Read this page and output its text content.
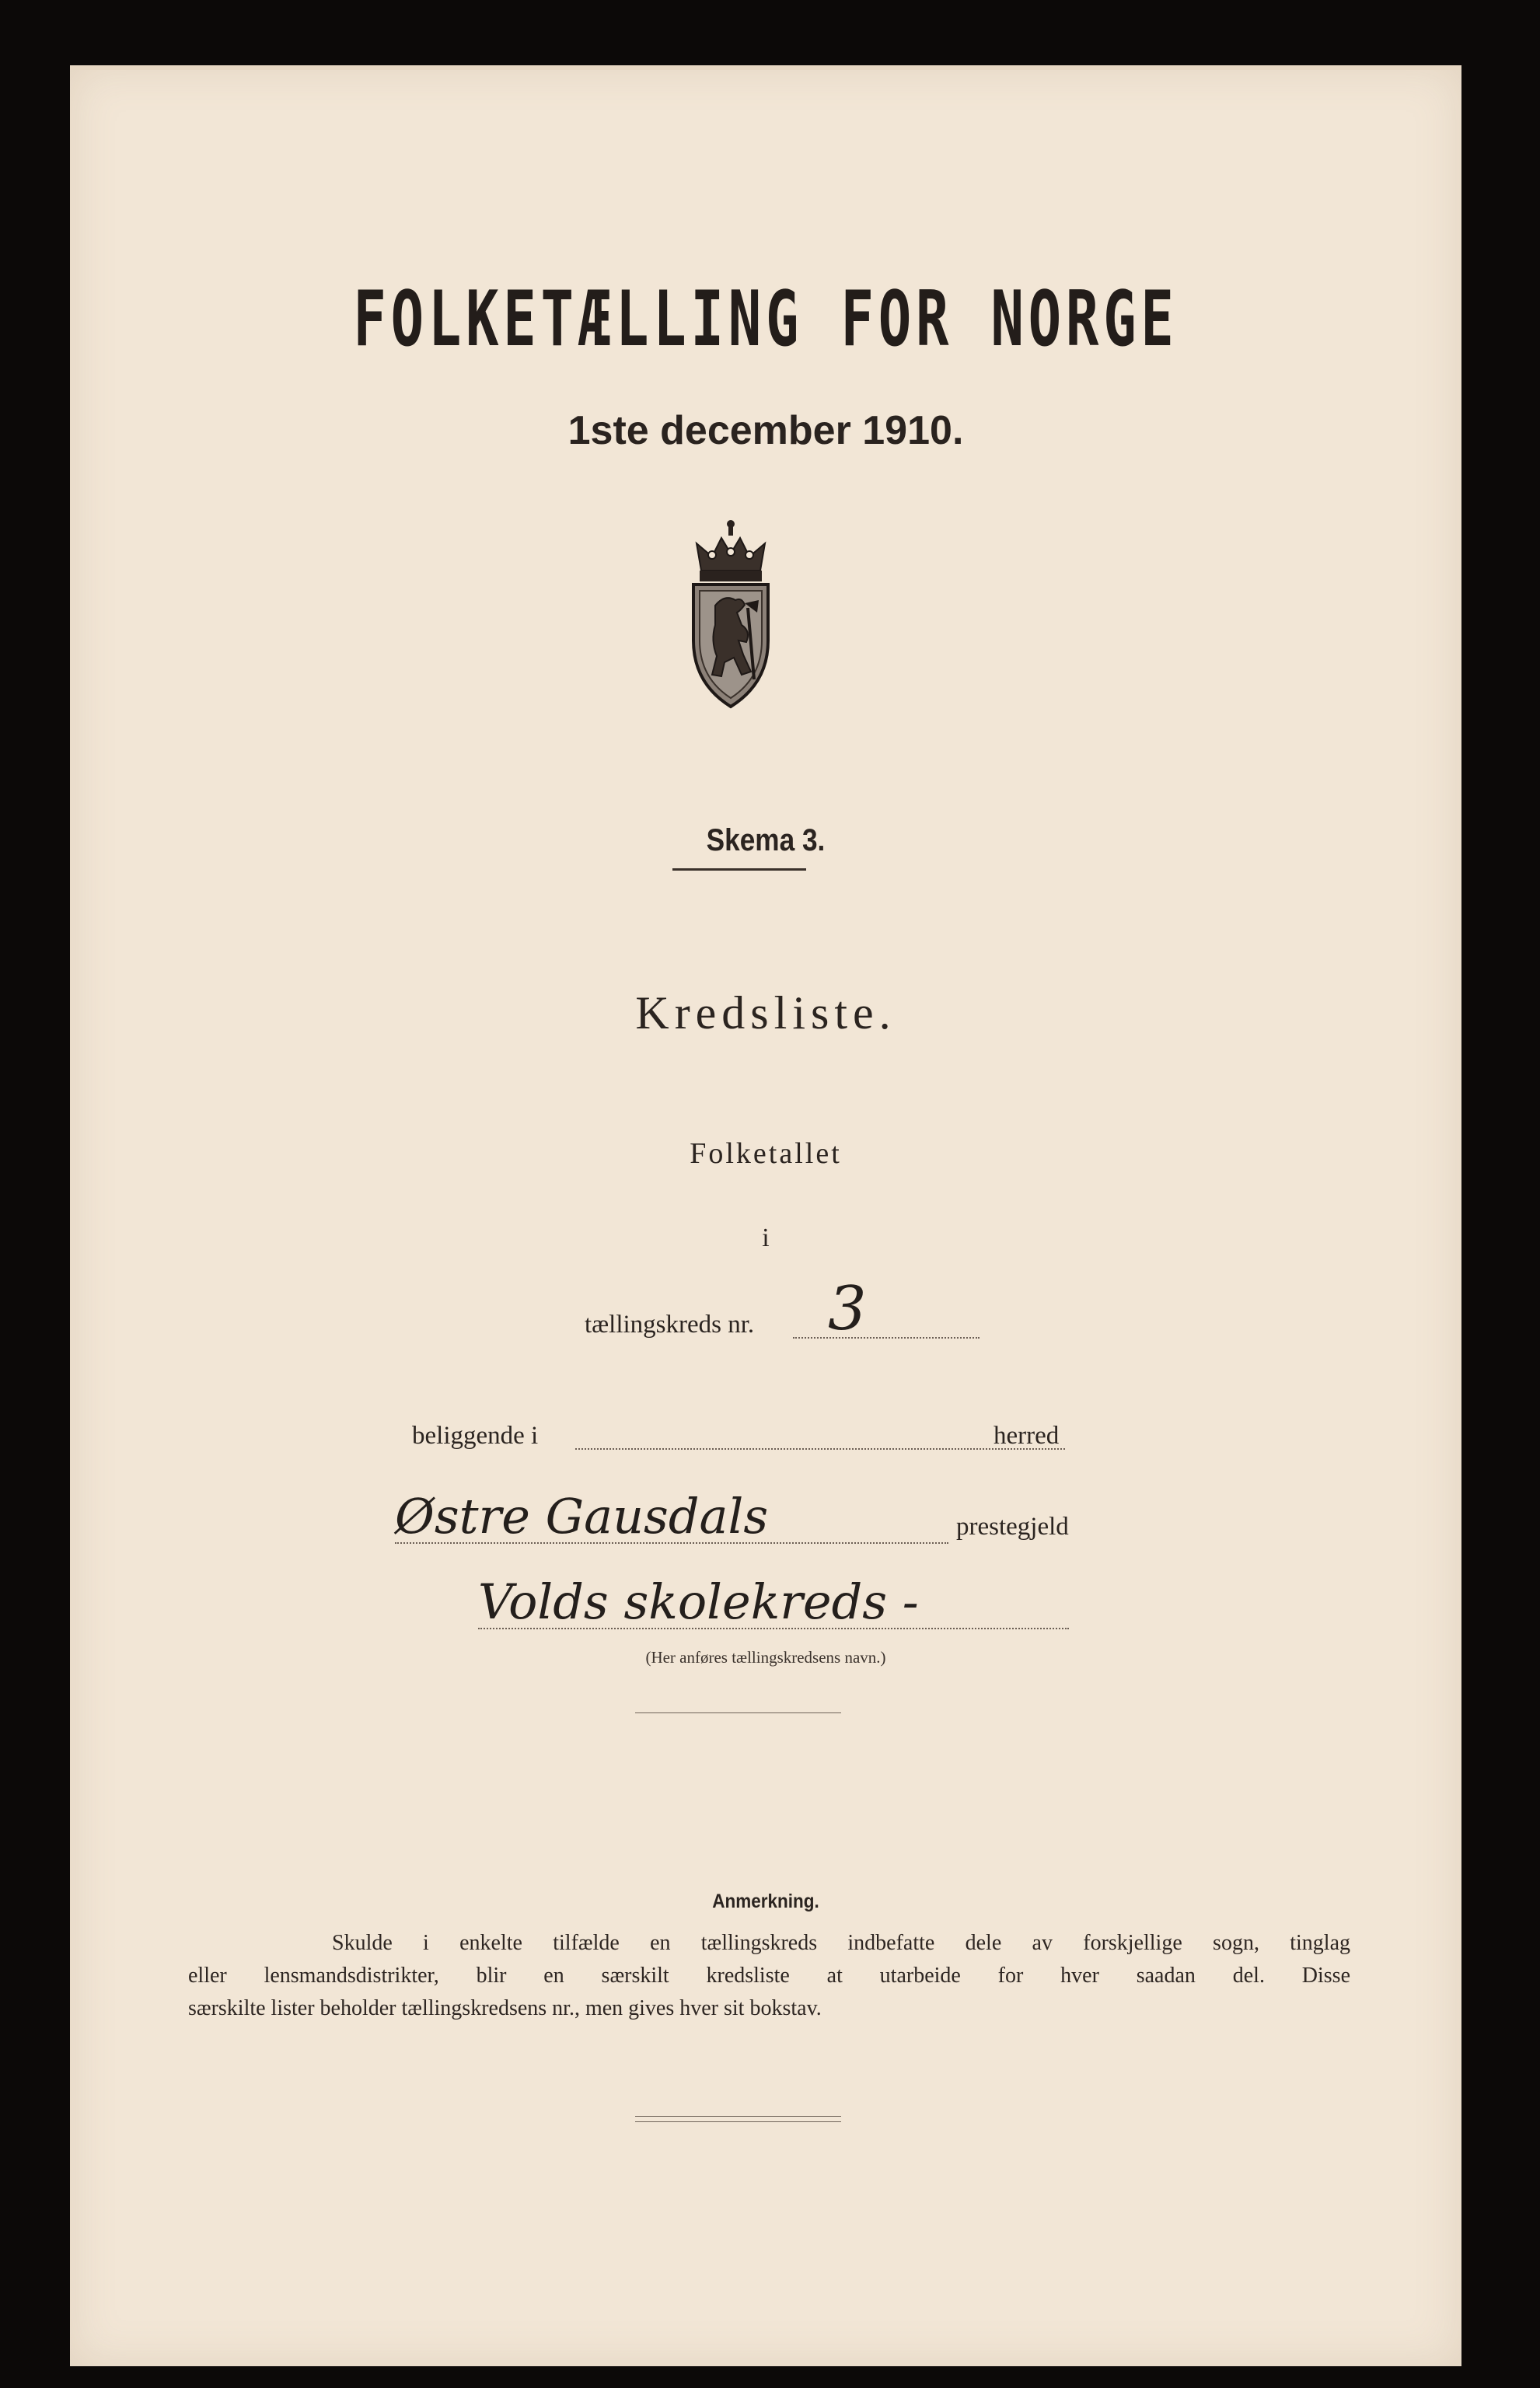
FOLKETÆLLING FOR NORGE
1ste december 1910.
Skema 3.
Kredsliste.
Folketallet
i
tællingskreds nr. 3
beliggende i	herred
Østre Gausdals	prestegjeld
Volds skolekreds -
(Her anføres tællingskredsens navn.)
Anmerkning.

Skulde i enkelte tilfælde en tællingskreds indbefatte dele av forskjellige sogn, tinglag

eller lensmandsdistrikter, blir en særskilt kredsliste at utarbeide for hver saadan del. Disse

særskilte lister beholder tællingskredsens nr., men gives hver sit bokstav.
